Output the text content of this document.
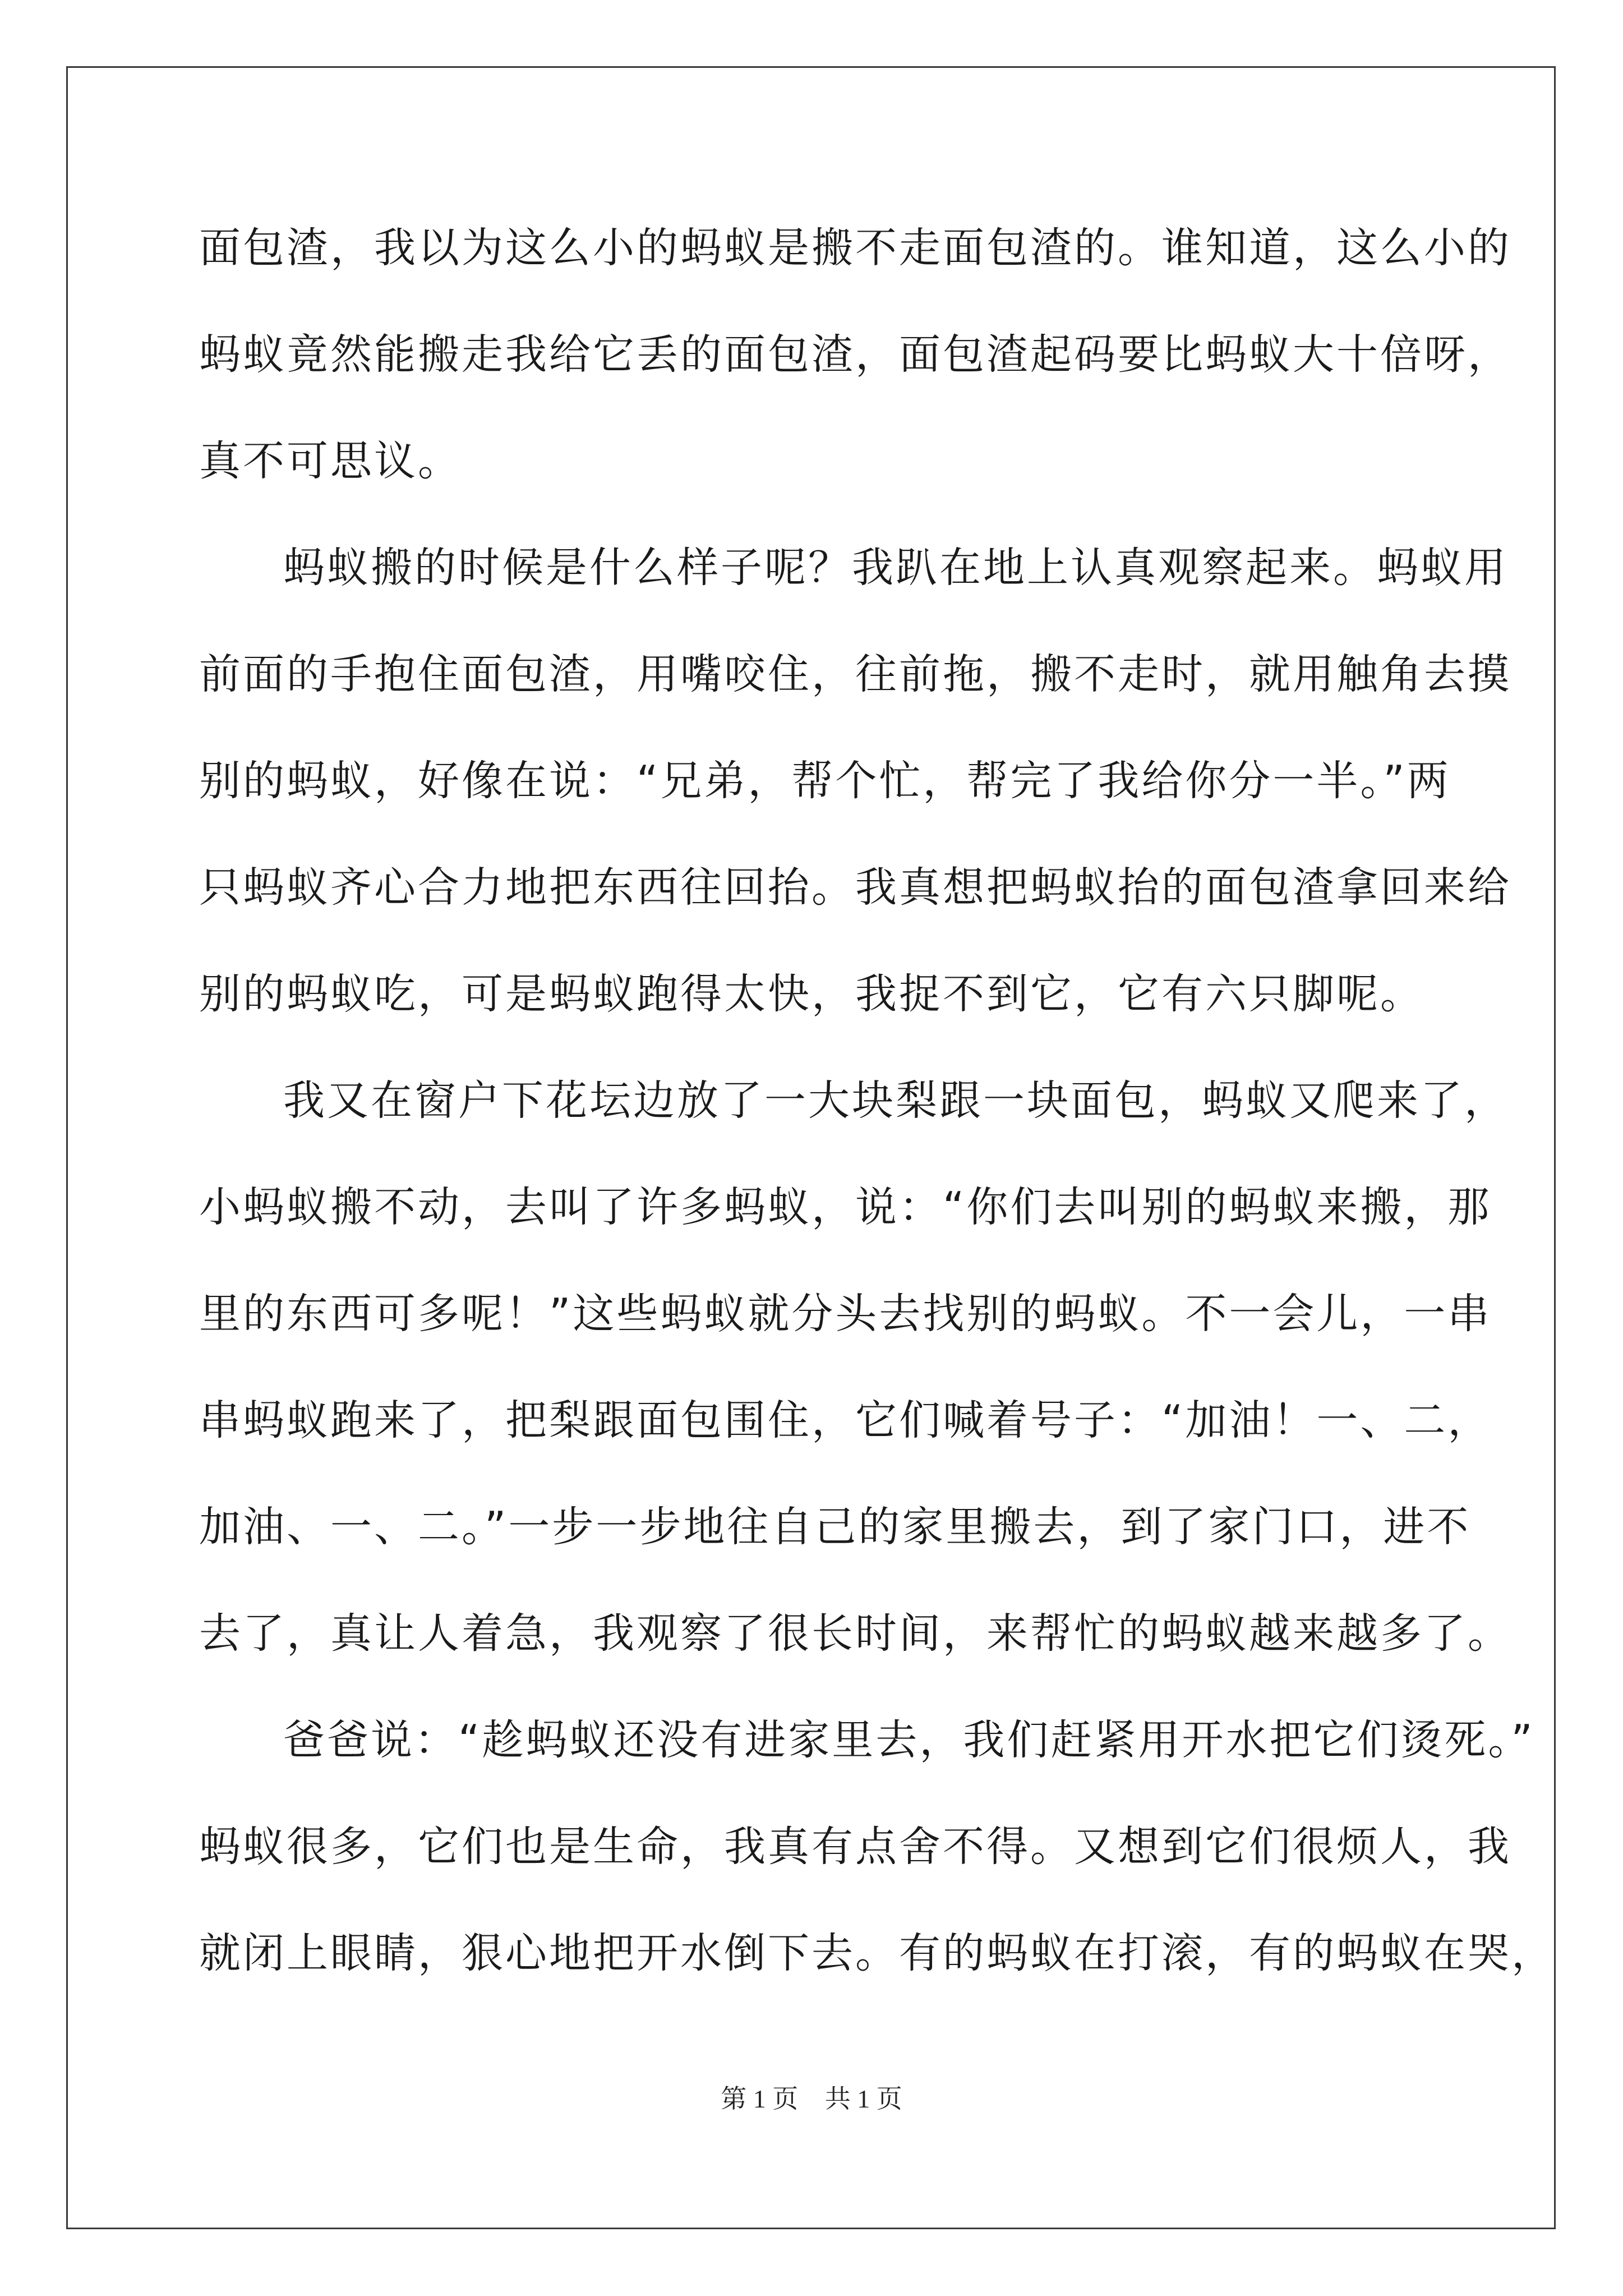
面包渣，我以为这么小的蚂蚁是搬不走面包渣的。谁知道，这么小的
蚂蚁竟然能搬走我给它丢的面包渣，面包渣起码要比蚂蚁大十倍呀，
真不可思议。
蚂蚁搬的时候是什么样子呢？我趴在地上认真观察起来。蚂蚁用
前面的手抱住面包渣，用嘴咬住，往前拖，搬不走时，就用触角去摸
别的蚂蚁，好像在说：“兄弟，帮个忙，帮完了我给你分一半。”两
只蚂蚁齐心合力地把东西往回抬。我真想把蚂蚁抬的面包渣拿回来给
别的蚂蚁吃，可是蚂蚁跑得太快，我捉不到它，它有六只脚呢。
我又在窗户下花坛边放了一大块梨跟一块面包，蚂蚁又爬来了，
小蚂蚁搬不动，去叫了许多蚂蚁，说：“你们去叫别的蚂蚁来搬，那
里的东西可多呢！”这些蚂蚁就分头去找别的蚂蚁。不一会儿，一串
串蚂蚁跑来了，把梨跟面包围住，它们喊着号子：“加油！一、二，
加油、一、二。”一步一步地往自己的家里搬去，到了家门口，进不
去了，真让人着急，我观察了很长时间，来帮忙的蚂蚁越来越多了。
爸爸说：“趁蚂蚁还没有进家里去，我们赶紧用开水把它们烫死。”
蚂蚁很多，它们也是生命，我真有点舍不得。又想到它们很烦人，我
就闭上眼睛，狠心地把开水倒下去。有的蚂蚁在打滚，有的蚂蚁在哭，
第 1 页 共 1 页
